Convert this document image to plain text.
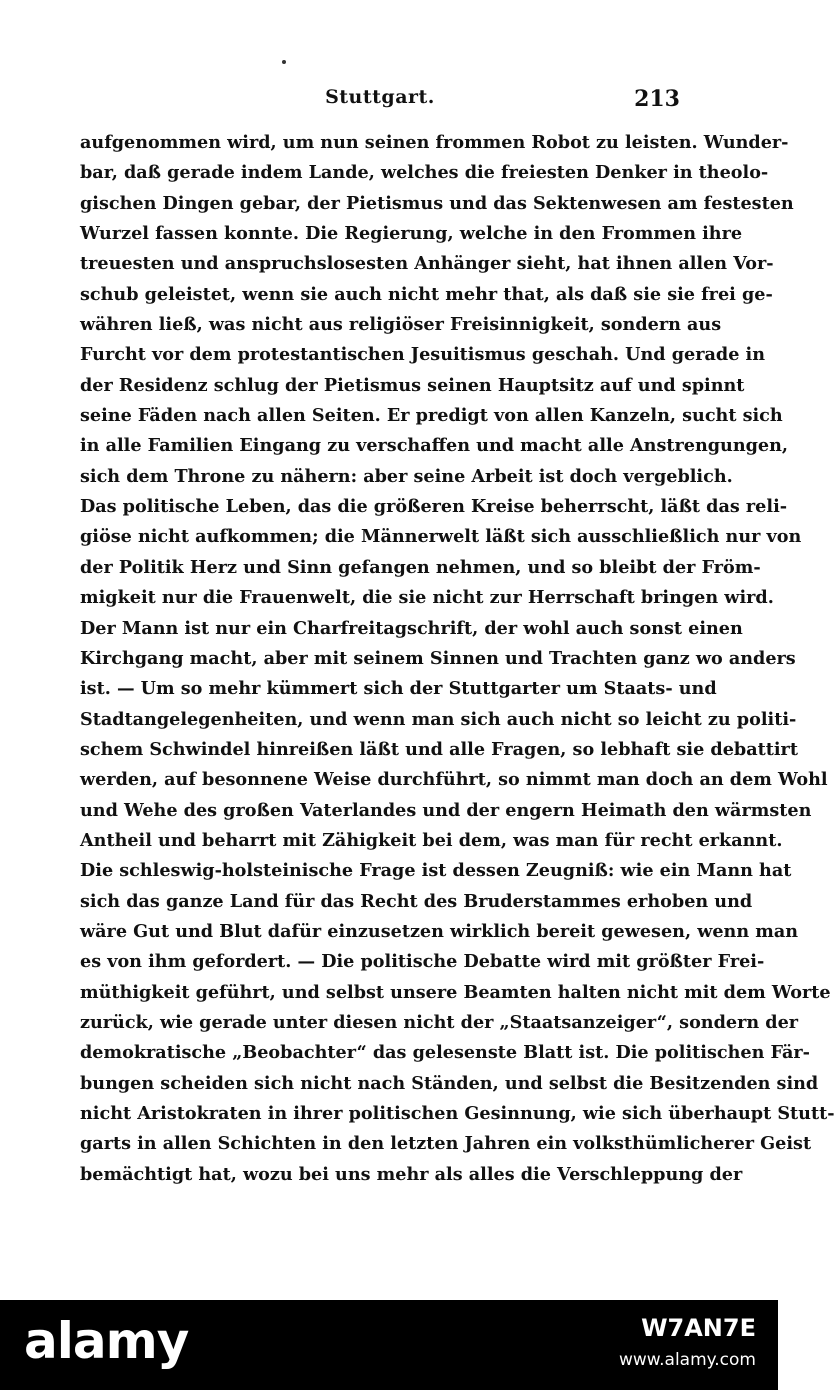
Stuttgart.	213
aufgenommen wird, um nun seinen frommen Robot zu leisten. Wunder-
bar, daß gerade indem Lande, welches die freiesten Denker in theolo-
gischen Dingen gebar, der Pietismus und das Sektenwesen am festesten
Wurzel fassen konnte. Die Regierung, welche in den Frommen ihre
treuesten und anspruchslosesten Anhänger sieht, hat ihnen allen Vor-
schub geleistet, wenn sie auch nicht mehr that, als daß sie sie frei ge-
währen ließ, was nicht aus religiöser Freisinnigkeit, sondern aus
Furcht vor dem protestantischen Jesuitismus geschah. Und gerade in
der Residenz schlug der Pietismus seinen Hauptsitz auf und spinnt
seine Fäden nach allen Seiten. Er predigt von allen Kanzeln, sucht sich
in alle Familien Eingang zu verschaffen und macht alle Anstrengungen,
sich dem Throne zu nähern: aber seine Arbeit ist doch vergeblich.
Das politische Leben, das die größeren Kreise beherrscht, läßt das reli-
giöse nicht aufkommen; die Männerwelt läßt sich ausschließlich nur von
der Politik Herz und Sinn gefangen nehmen, und so bleibt der Fröm-
migkeit nur die Frauenwelt, die sie nicht zur Herrschaft bringen wird.
Der Mann ist nur ein Charfreitagschrift, der wohl auch sonst einen
Kirchgang macht, aber mit seinem Sinnen und Trachten ganz wo anders
ist. — Um so mehr kümmert sich der Stuttgarter um Staats- und
Stadtangelegenheiten, und wenn man sich auch nicht so leicht zu politi-
schem Schwindel hinreißen läßt und alle Fragen, so lebhaft sie debattirt
werden, auf besonnene Weise durchführt, so nimmt man doch an dem Wohl
und Wehe des großen Vaterlandes und der engern Heimath den wärmsten
Antheil und beharrt mit Zähigkeit bei dem, was man für recht erkannt.
Die schleswig-holsteinische Frage ist dessen Zeugniß: wie ein Mann hat
sich das ganze Land für das Recht des Bruderstammes erhoben und
wäre Gut und Blut dafür einzusetzen wirklich bereit gewesen, wenn man
es von ihm gefordert. — Die politische Debatte wird mit größter Frei-
müthigkeit geführt, und selbst unsere Beamten halten nicht mit dem Worte
zurück, wie gerade unter diesen nicht der „Staatsanzeiger“, sondern der
demokratische „Beobachter“ das gelesenste Blatt ist. Die politischen Fär-
bungen scheiden sich nicht nach Ständen, und selbst die Besitzenden sind
nicht Aristokraten in ihrer politischen Gesinnung, wie sich überhaupt Stutt-
garts in allen Schichten in den letzten Jahren ein volksthümlicherer Geist
bemächtigt hat, wozu bei uns mehr als alles die Verschleppung der
alamy	W7AN7E
www.alamy.com
